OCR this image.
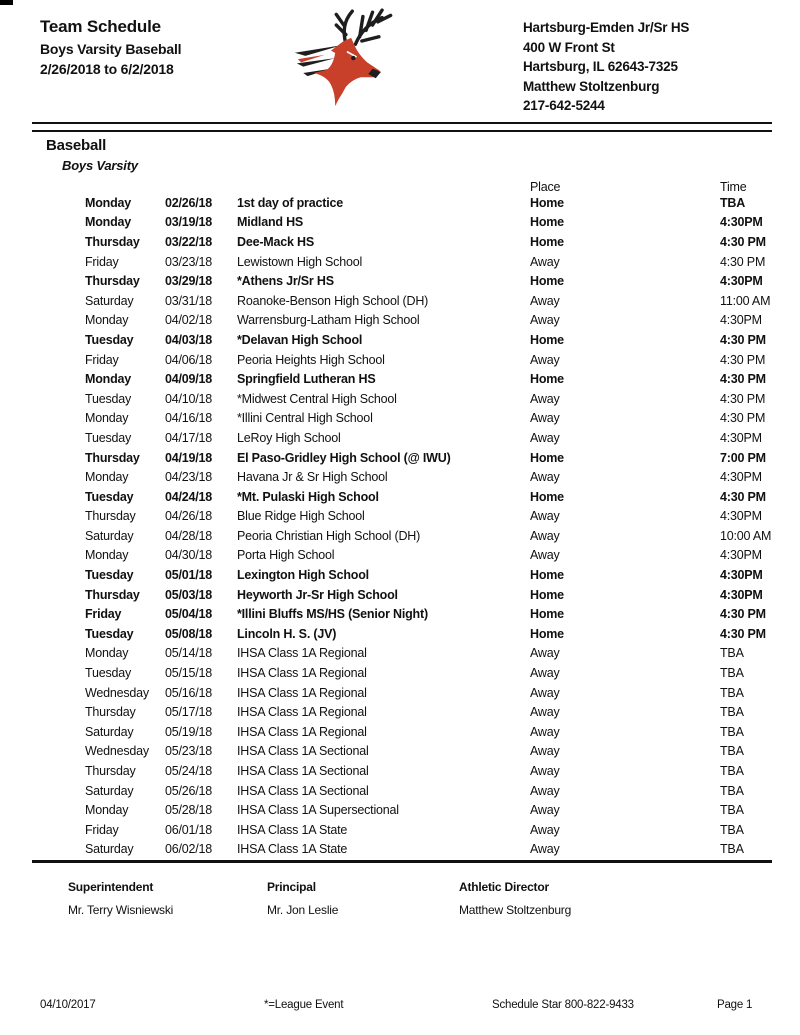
Team Schedule
Boys Varsity Baseball
2/26/2018 to 6/2/2018
Hartsburg-Emden Jr/Sr HS
400 W Front St
Hartsburg, IL 62643-7325
Matthew Stoltzenburg
217-642-5244
Baseball
Boys Varsity
Place	Time
Monday	02/26/18	1st day of practice	Home	TBA
Monday	03/19/18	Midland HS	Home	4:30PM
Thursday	03/22/18	Dee-Mack HS	Home	4:30 PM
Friday	03/23/18	Lewistown High School	Away	4:30 PM
Thursday	03/29/18	*Athens Jr/Sr HS	Home	4:30PM
Saturday	03/31/18	Roanoke-Benson High School (DH)	Away	11:00 AM
Monday	04/02/18	Warrensburg-Latham High School	Away	4:30PM
Tuesday	04/03/18	*Delavan High School	Home	4:30 PM
Friday	04/06/18	Peoria Heights High School	Away	4:30 PM
Monday	04/09/18	Springfield Lutheran HS	Home	4:30 PM
Tuesday	04/10/18	*Midwest Central High School	Away	4:30 PM
Monday	04/16/18	*Illini Central High School	Away	4:30 PM
Tuesday	04/17/18	LeRoy High School	Away	4:30PM
Thursday	04/19/18	El Paso-Gridley High School (@ IWU)	Home	7:00 PM
Monday	04/23/18	Havana Jr & Sr High School	Away	4:30PM
Tuesday	04/24/18	*Mt. Pulaski High School	Home	4:30 PM
Thursday	04/26/18	Blue Ridge High School	Away	4:30PM
Saturday	04/28/18	Peoria Christian High School (DH)	Away	10:00 AM
Monday	04/30/18	Porta High School	Away	4:30PM
Tuesday	05/01/18	Lexington High School	Home	4:30PM
Thursday	05/03/18	Heyworth Jr-Sr High School	Home	4:30PM
Friday	05/04/18	*Illini Bluffs MS/HS (Senior Night)	Home	4:30 PM
Tuesday	05/08/18	Lincoln H. S. (JV)	Home	4:30 PM
Monday	05/14/18	IHSA Class 1A Regional	Away	TBA
Tuesday	05/15/18	IHSA Class 1A Regional	Away	TBA
Wednesday	05/16/18	IHSA Class 1A Regional	Away	TBA
Thursday	05/17/18	IHSA Class 1A Regional	Away	TBA
Saturday	05/19/18	IHSA Class 1A Regional	Away	TBA
Wednesday	05/23/18	IHSA Class 1A Sectional	Away	TBA
Thursday	05/24/18	IHSA Class 1A Sectional	Away	TBA
Saturday	05/26/18	IHSA Class 1A Sectional	Away	TBA
Monday	05/28/18	IHSA Class 1A Supersectional	Away	TBA
Friday	06/01/18	IHSA Class 1A State	Away	TBA
Saturday	06/02/18	IHSA Class 1A State	Away	TBA
Superintendent	Principal	Athletic Director
Mr. Terry Wisniewski	Mr. Jon Leslie	Matthew Stoltzenburg
04/10/2017	*=League Event	Schedule Star 800-822-9433	Page 1
